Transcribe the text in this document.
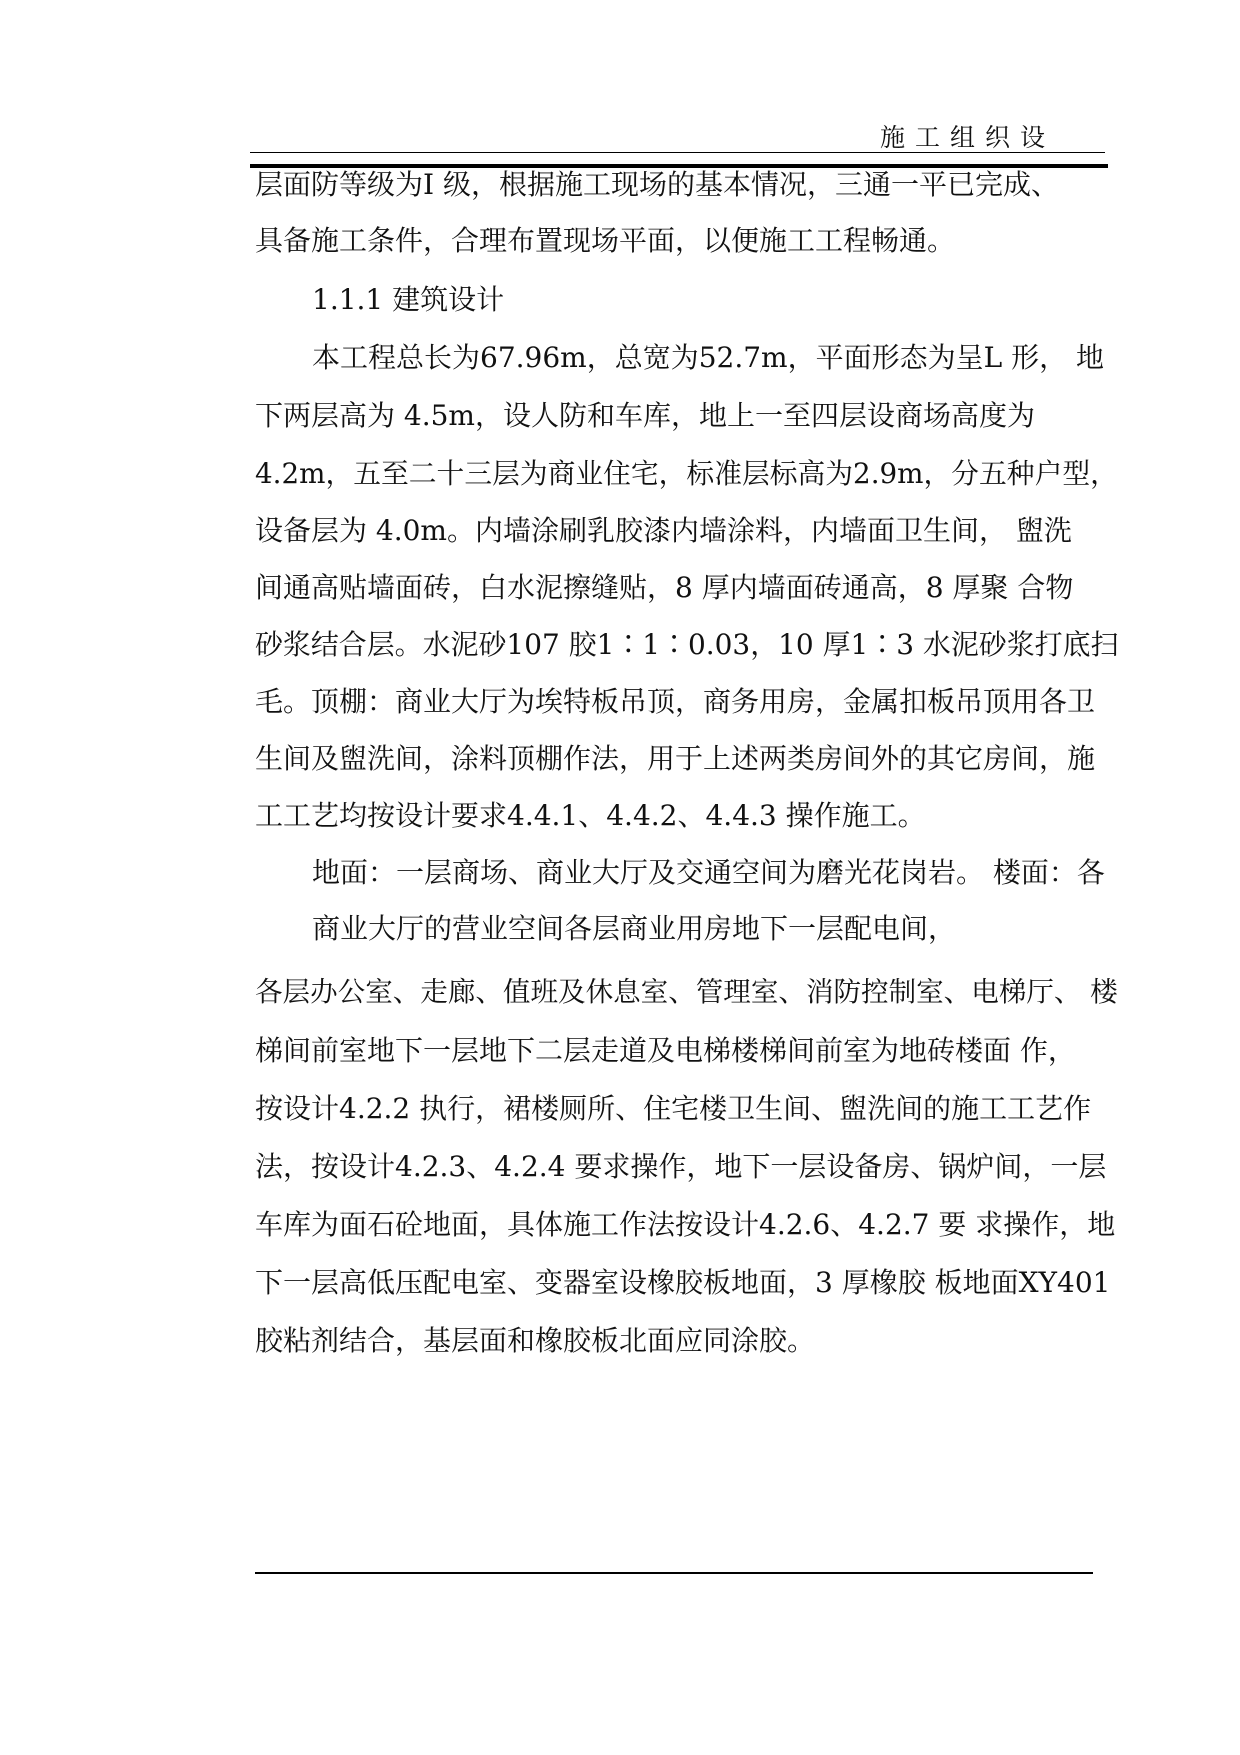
施工组织设
层面防等级为I 级，根据施工现场的基本情况，三通一平已完成、
具备施工条件，合理布置现场平面，以便施工工程畅通。
1.1.1 建筑设计
本工程总长为67.96m，总宽为52.7m，平面形态为呈L 形， 地
下两层高为 4.5m，设人防和车库，地上一至四层设商场高度为
4.2m，五至二十三层为商业住宅，标准层标高为2.9m，分五种户型，
设备层为 4.0m。内墙涂刷乳胶漆内墙涂料，内墙面卫生间， 盥洗
间通高贴墙面砖，白水泥擦缝贴，8 厚内墙面砖通高，8 厚聚 合物
砂浆结合层。水泥砂107 胶1∶1∶0.03，10 厚1∶3 水泥砂浆打底扫
毛。顶棚：商业大厅为埃特板吊顶，商务用房，金属扣板吊顶用各卫
生间及盥洗间，涂料顶棚作法，用于上述两类房间外的其它房间，施
工工艺均按设计要求4.4.1、4.4.2、4.4.3 操作施工。
地面：一层商场、商业大厅及交通空间为磨光花岗岩。 楼面：各
商业大厅的营业空间各层商业用房地下一层配电间，
各层办公室、走廊、值班及休息室、管理室、消防控制室、电梯厅、 楼
梯间前室地下一层地下二层走道及电梯楼梯间前室为地砖楼面 作，
按设计4.2.2 执行，裙楼厕所、住宅楼卫生间、盥洗间的施工工艺作
法，按设计4.2.3、4.2.4 要求操作，地下一层设备房、锅炉间，一层
车库为面石砼地面，具体施工作法按设计4.2.6、4.2.7 要 求操作，地
下一层高低压配电室、变器室设橡胶板地面，3 厚橡胶 板地面XY401
胶粘剂结合，基层面和橡胶板北面应同涂胶。
